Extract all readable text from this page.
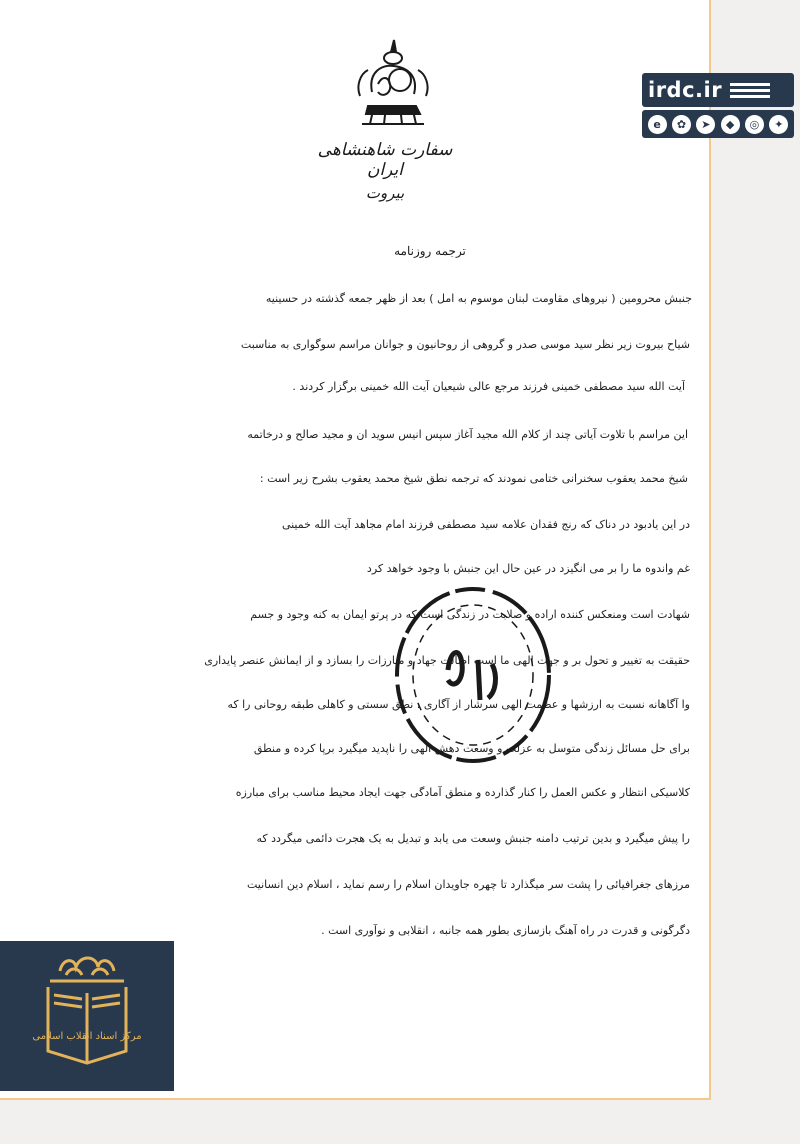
سفارت شاهنشاهی ایران
بیروت
ترجمه روزنامه
جنبش محرومین ( نیروهای مقاومت لبنان موسوم به امل ) بعد از ظهر جمعه گذشته در حسینیه
شیاح بیروت زیر نظر سید موسی صدر و گروهی از روحانیون و جوانان مراسم سوگواری به مناسبت
آیت الله سید مصطفی خمینی فرزند مرجع عالی شیعیان آیت الله خمینی برگزار کردند .
این مراسم با تلاوت آیاتی چند از کلام الله مجید آغاز سپس انیس سوید ان و مجید صالح و درخاتمه
شیخ محمد یعقوب سخنرانی ختامی نمودند که ترجمه نطق شیخ محمد یعقوب بشرح زیر است :
در این یادبود در دناک که رنج فقدان علامه سید مصطفی فرزند امام مجاهد آیت الله خمینی
غم واندوه ما را بر می انگیزد در عین حال این جنبش با وجود خواهد کرد
شهادت است ومنعکس کننده اراده و صلابت در زندگی است که در پرتو ایمان به کنه وجود و جسم
حقیقت به تغییر و تحول بر و جهت الهی ما است اصالت جهاد و مبارزات را بسازد و از ایمانش عنصر پایداری
وا آگاهانه نسبت به ارزشها و عظمت الهی سرشار از آگاری ، نطق سستی و کاهلی طبقه روحانی را که
برای حل مسائل زندگی متوسل به عزلت و وسعت دهش الهی را ناپدید میگیرد برپا کرده و منطق
کلاسیکی انتظار و عکس العمل را کنار گذارده و منطق آمادگی جهت ایجاد محیط مناسب برای مبارزه
را پیش میگیرد و بدین ترتیب دامنه جنبش وسعت می یابد و تبدیل به یک هجرت دائمی میگردد که
مرزهای جغرافیائی را پشت سر میگذارد تا چهره جاویدان اسلام را رسم نماید ، اسلام دین انسانیت
دگرگونی و قدرت در راه آهنگ بازسازی بطور همه جانبه ، انقلابی و نوآوری است .
irdc.ir
e	✿	➤	◆	◎	✦
مرکز اسناد انقلاب اسلامی
